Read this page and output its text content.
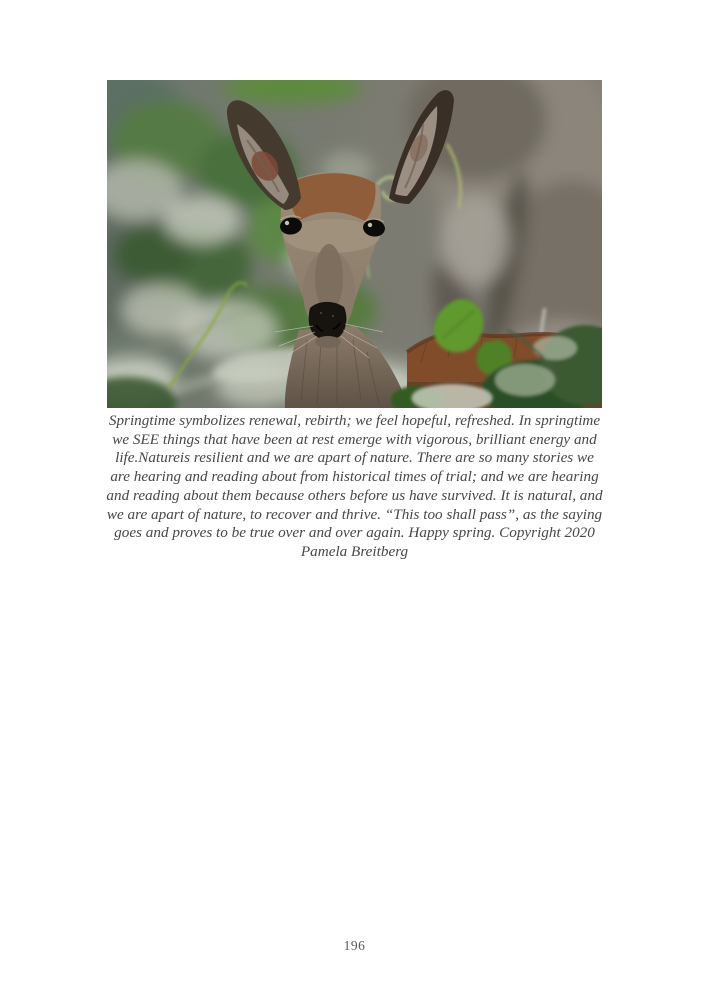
Springtime symbolizes renewal, rebirth; we feel hopeful, refreshed. In springtime
we SEE things that have been at rest emerge with vigorous, brilliant energy and
life.Natureis resilient and we are apart of nature. There are so many stories we
are hearing and reading about from historical times of trial; and we are hearing
and reading about them because others before us have survived. It is natural, and
we are apart of nature, to recover and thrive. “This too shall pass”, as the saying
goes and proves to be true over and over again. Happy spring. Copyright 2020
Pamela Breitberg
196
